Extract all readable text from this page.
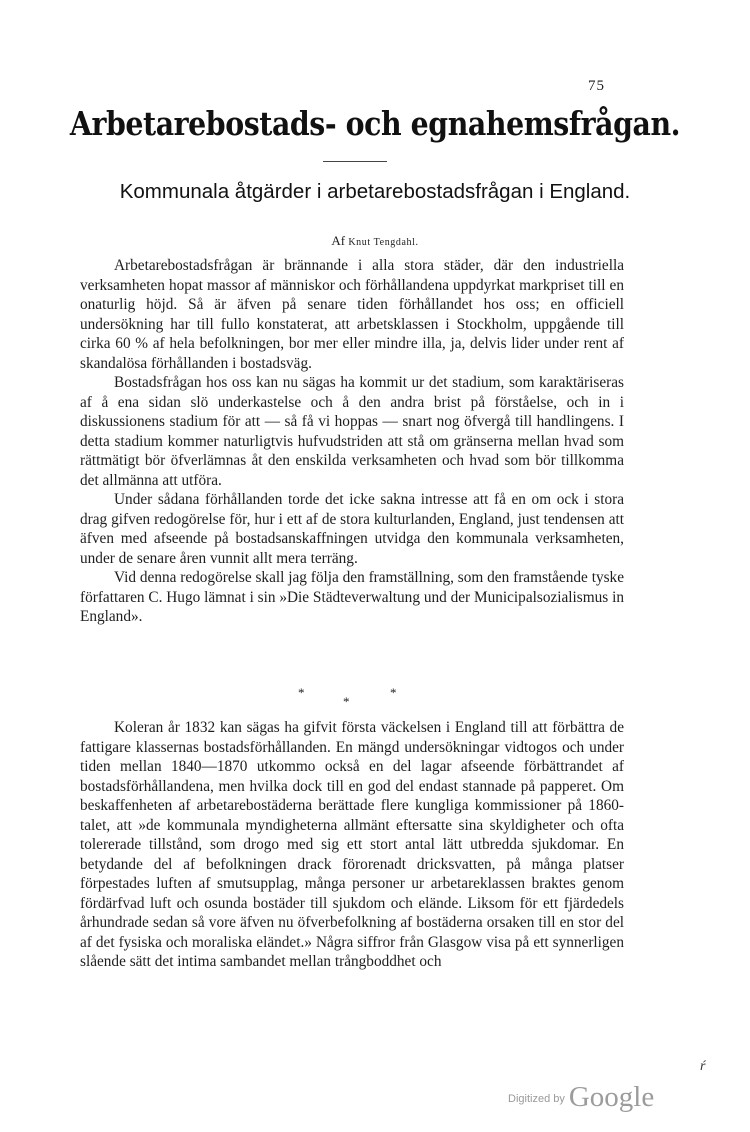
75
Arbetarebostads- och egnahemsfrågan.
Kommunala åtgärder i arbetarebostadsfrågan i England.
Af Knut Tengdahl.

Arbetarebostadsfrågan är brännande i alla stora städer, där den industriella verksamheten hopat massor af människor och förhållandena uppdyrkat markpriset till en onaturlig höjd. Så är äfven på senare tiden förhållandet hos oss; en officiell undersökning har till fullo konstaterat, att arbetsklassen i Stockholm, uppgående till cirka 60 % af hela befolkningen, bor mer eller mindre illa, ja, delvis lider under rent af skandalösa förhållanden i bostadsväg.

Bostadsfrågan hos oss kan nu sägas ha kommit ur det stadium, som karaktäriseras af å ena sidan slö underkastelse och å den andra brist på förståelse, och in i diskussionens stadium för att — så få vi hoppas — snart nog öfvergå till handlingens. I detta stadium kommer naturligtvis hufvudstriden att stå om gränserna mellan hvad som rättmätigt bör öfverlämnas åt den enskilda verksamheten och hvad som bör tillkomma det allmänna att utföra.

Under sådana förhållanden torde det icke sakna intresse att få en om ock i stora drag gifven redogörelse för, hur i ett af de stora kulturlanden, England, just tendensen att äfven med afseende på bostadsanskaffningen utvidga den kommunala verksamheten, under de senare åren vunnit allt mera terräng.

Vid denna redogörelse skall jag följa den framställning, som den framstående tyske författaren C. Hugo lämnat i sin »Die Städteverwaltung und der Municipalsozialismus in England».

*
*
*

Koleran år 1832 kan sägas ha gifvit första väckelsen i England till att förbättra de fattigare klassernas bostadsförhållanden. En mängd undersökningar vidtogos och under tiden mellan 1840—1870 utkommo också en del lagar afseende förbättrandet af bostadsförhållandena, men hvilka dock till en god del endast stannade på papperet. Om beskaffenheten af arbetarebostäderna berättade flere kungliga kommissioner på 1860-talet, att »de kommunala myndigheterna allmänt eftersatte sina skyldigheter och ofta tolererade tillstånd, som drogo med sig ett stort antal lätt utbredda sjukdomar. En betydande del af befolkningen drack förorenadt dricksvatten, på många platser förpestades luften af smutsupplag, många personer ur arbetareklassen braktes genom fördärfvad luft och osunda bostäder till sjukdom och elände. Liksom för ett fjärdedels århundrade sedan så vore äfven nu öfverbefolkning af bostäderna orsaken till en stor del af det fysiska och moraliska eländet.» Några siffror från Glasgow visa på ett synnerligen slående sätt det intima sambandet mellan trångboddhet och

ŕ
$^{Digitized by}$ Google
